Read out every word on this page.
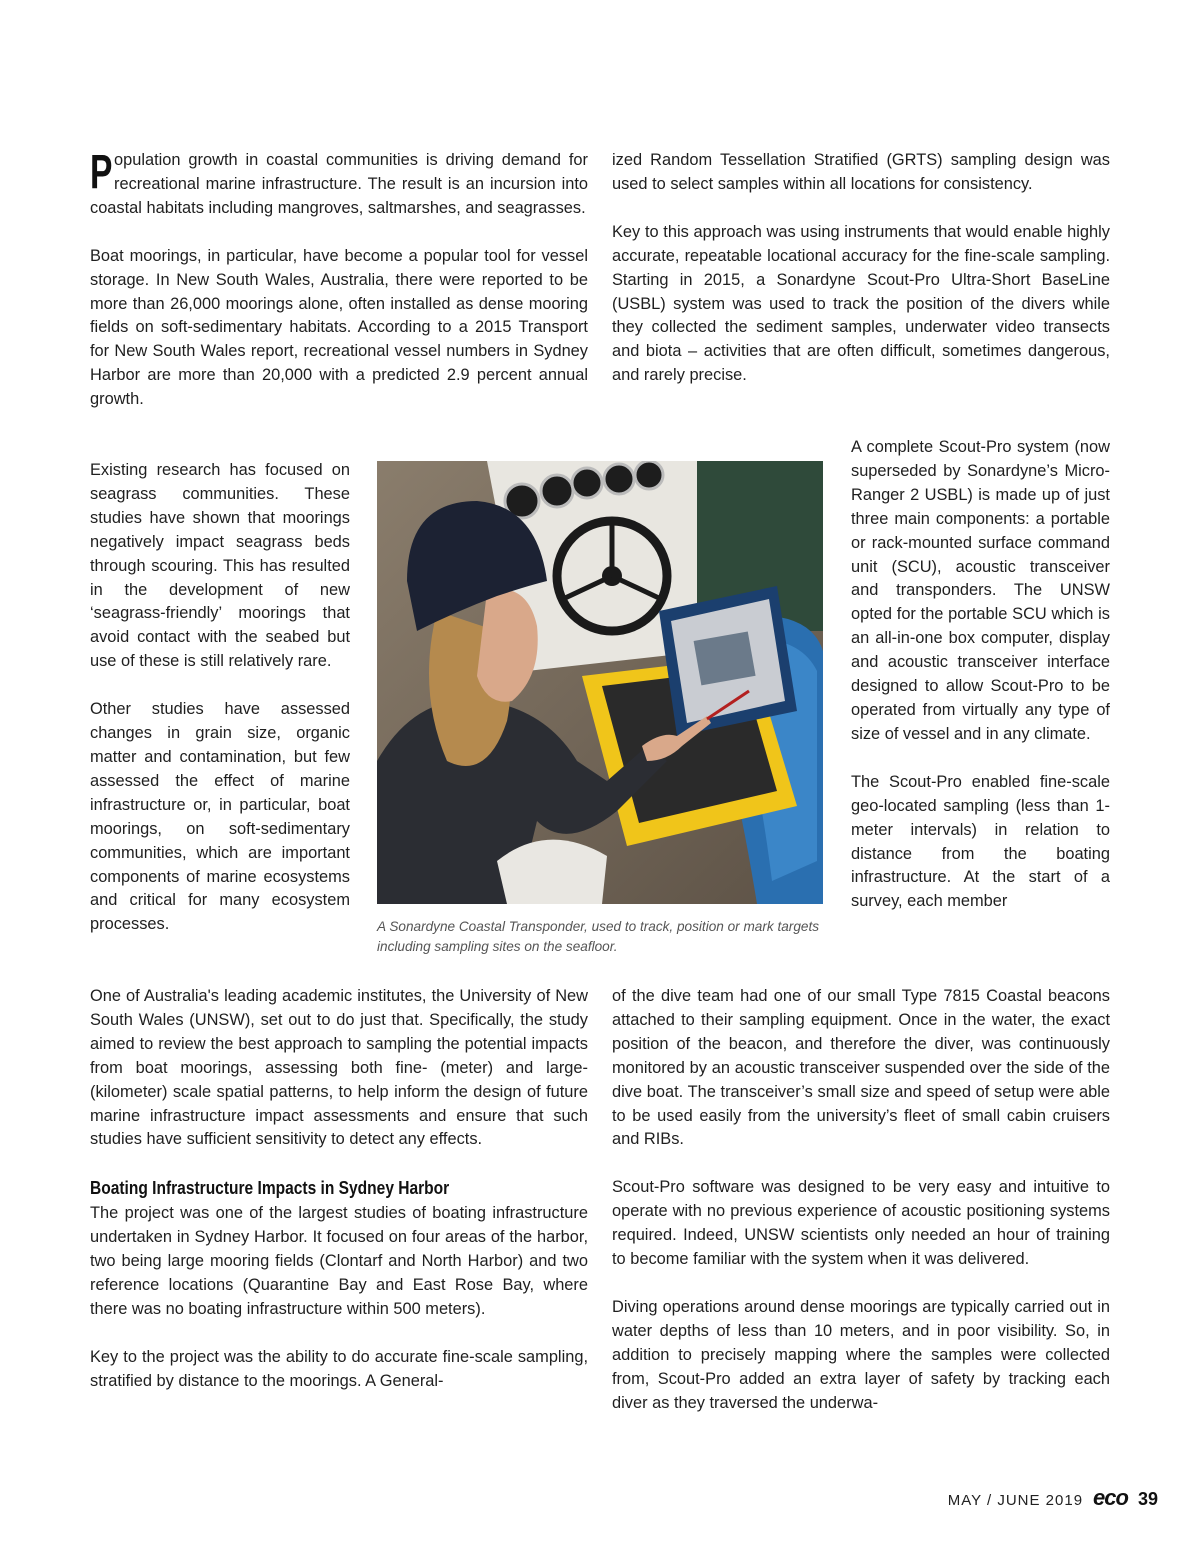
Population growth in coastal communities is driving demand for recreational marine infrastructure. The result is an incursion into coastal habitats including mangroves, saltmarshes, and seagrasses.

Boat moorings, in particular, have become a popular tool for vessel storage. In New South Wales, Australia, there were reported to be more than 26,000 moorings alone, often installed as dense mooring fields on soft-sedimentary habitats. According to a 2015 Transport for New South Wales report, recreational vessel numbers in Sydney Harbor are more than 20,000 with a predicted 2.9 percent annual growth.

Existing research has focused on seagrass communities. These studies have shown that moorings negatively impact seagrass beds through scouring. This has resulted in the development of new ‘seagrass-friendly’ moorings that avoid contact with the seabed but use of these is still relatively rare.

Other studies have assessed changes in grain size, organic matter and contamination, but few assessed the effect of marine infrastructure or, in particular, boat moorings, on soft-sedimentary communities, which are important components of marine ecosystems and critical for many ecosystem processes.

One of Australia's leading academic institutes, the University of New South Wales (UNSW), set out to do just that. Specifically, the study aimed to review the best approach to sampling the potential impacts from boat moorings, assessing both fine- (meter) and large- (kilometer) scale spatial patterns, to help inform the design of future marine infrastructure impact assessments and ensure that such studies have sufficient sensitivity to detect any effects.

Boating Infrastructure Impacts in Sydney Harbor

The project was one of the largest studies of boating infrastructure undertaken in Sydney Harbor. It focused on four areas of the harbor, two being large mooring fields (Clontarf and North Harbor) and two reference locations (Quarantine Bay and East Rose Bay, where there was no boating infrastructure within 500 meters).

Key to the project was the ability to do accurate fine-scale sampling, stratified by distance to the moorings. A General-

ized Random Tessellation Stratified (GRTS) sampling design was used to select samples within all locations for consistency.

Key to this approach was using instruments that would enable highly accurate, repeatable locational accuracy for the fine-scale sampling. Starting in 2015, a Sonardyne Scout-Pro Ultra-Short BaseLine (USBL) system was used to track the position of the divers while they collected the sediment samples, underwater video transects and biota – activities that are often difficult, sometimes dangerous, and rarely precise.

A complete Scout-Pro system (now superseded by Sonardyne’s Micro-Ranger 2 USBL) is made up of just three main components: a portable or rack-mounted surface command unit (SCU), acoustic transceiver and transponders. The UNSW opted for the portable SCU which is an all-in-one box computer, display and acoustic transceiver interface designed to allow Scout-Pro to be operated from virtually any type of size of vessel and in any climate.

The Scout-Pro enabled fine-scale geo-located sampling (less than 1-meter intervals) in relation to distance from the boating infrastructure. At the start of a survey, each member

of the dive team had one of our small Type 7815 Coastal beacons attached to their sampling equipment. Once in the water, the exact position of the beacon, and therefore the diver, was continuously monitored by an acoustic transceiver suspended over the side of the dive boat. The transceiver’s small size and speed of setup were able to be used easily from the university’s fleet of small cabin cruisers and RIBs.

Scout-Pro software was designed to be very easy and intuitive to operate with no previous experience of acoustic positioning systems required. Indeed, UNSW scientists only needed an hour of training to become familiar with the system when it was delivered.

Diving operations around dense moorings are typically carried out in water depths of less than 10 meters, and in poor visibility. So, in addition to precisely mapping where the samples were collected from, Scout-Pro added an extra layer of safety by tracking each diver as they traversed the underwa-

A Sonardyne Coastal Transponder, used to track, position or mark targets including sampling sites on the seafloor.
MAY / JUNE 2019 eco 39
